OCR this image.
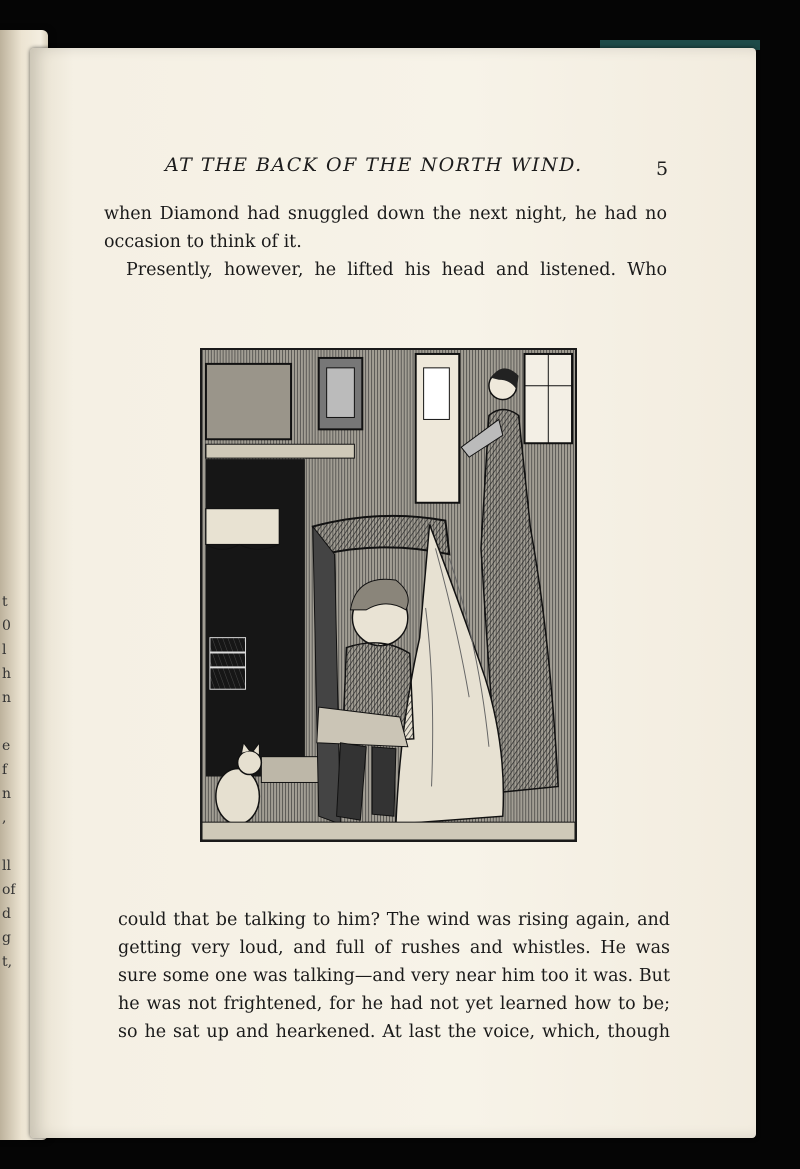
t
0
l
h
n

e
f
n
,

ll
of
d
g
t,

AT THE BACK OF THE NORTH WIND.	5

when Diamond had snuggled down the next night, he had no
occasion to think of it.

Presently, however, he lifted his head and listened. Who

could that be talking to him? The wind was rising again, and
getting very loud, and full of rushes and whistles. He was
sure some one was talking—and very near him too it was. But
he was not frightened, for he had not yet learned how to be;
so he sat up and hearkened. At last the voice, which, though
